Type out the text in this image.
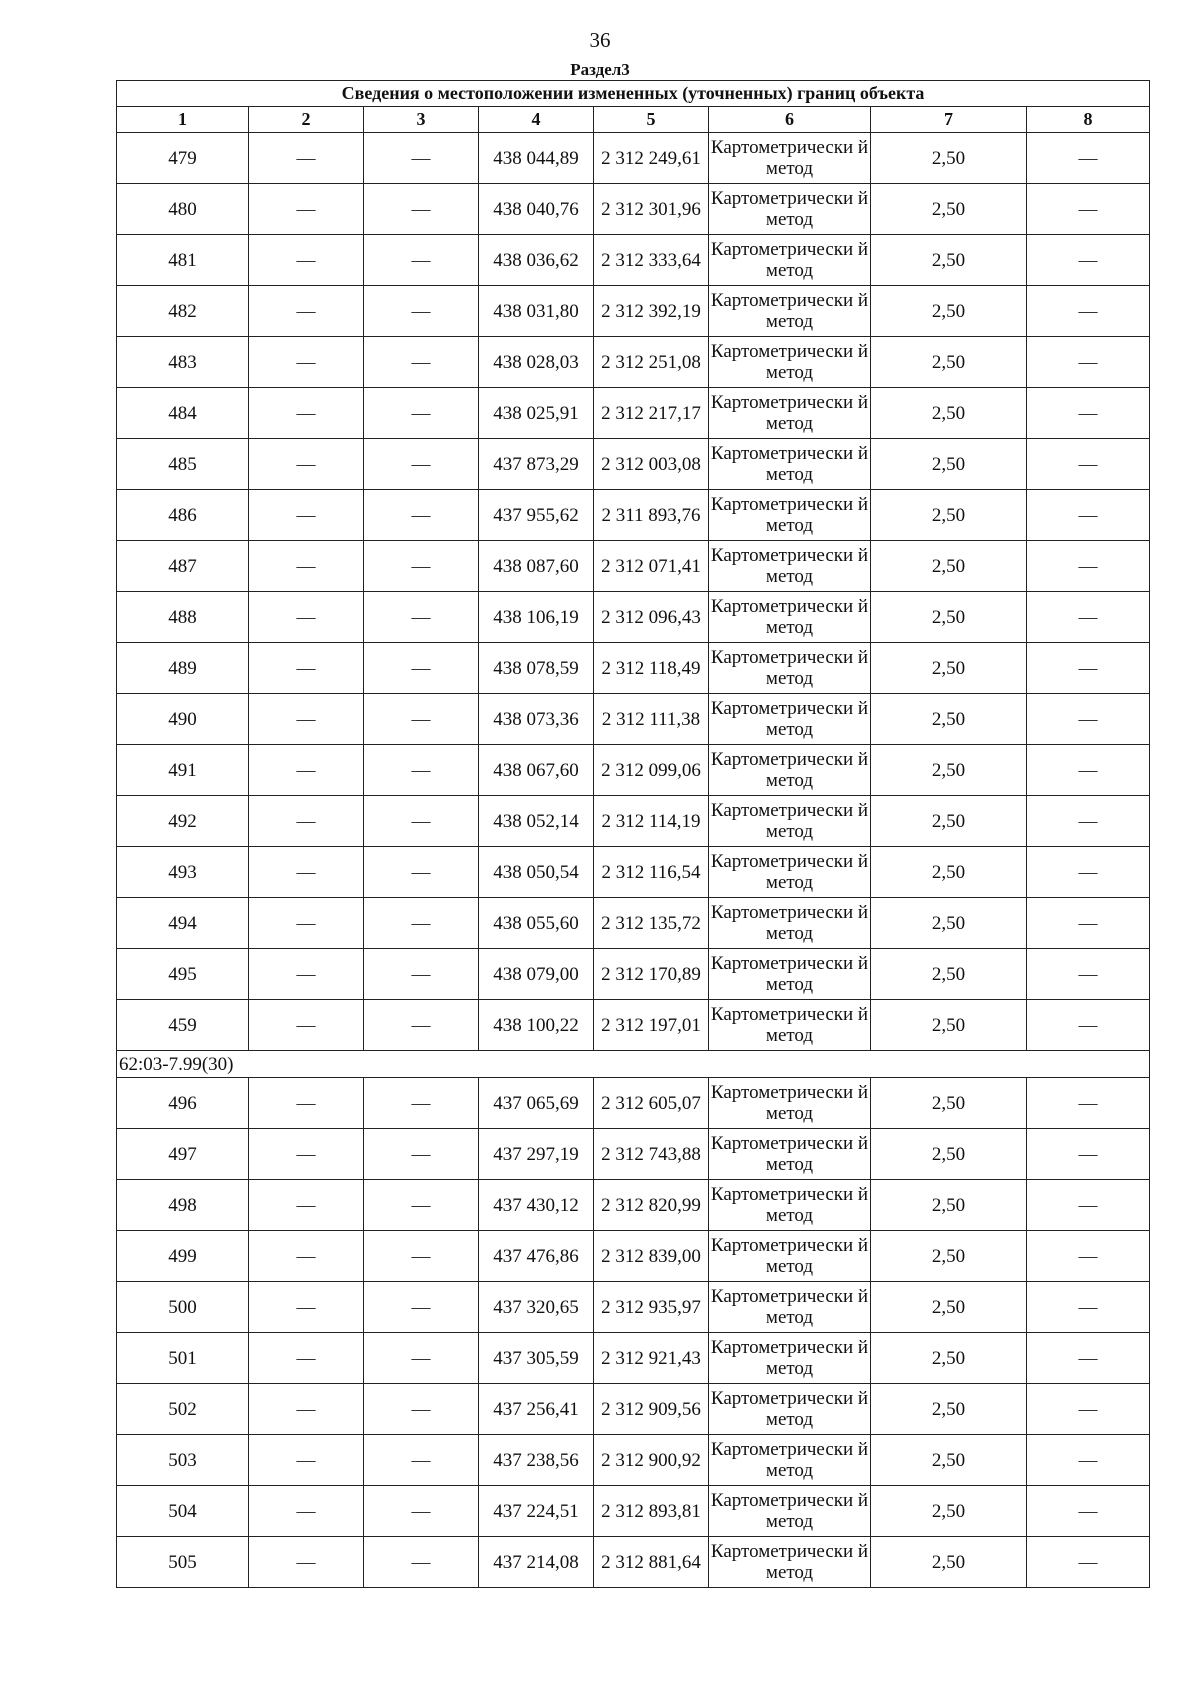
36
Раздел3
Сведения о местоположении измененных (уточненных) границ объекта							
1	2	3	4	5	6	7	8
479	—	—	438 044,89	2 312 249,61	Картометрически й метод	2,50	—
480	—	—	438 040,76	2 312 301,96	Картометрически й метод	2,50	—
481	—	—	438 036,62	2 312 333,64	Картометрически й метод	2,50	—
482	—	—	438 031,80	2 312 392,19	Картометрически й метод	2,50	—
483	—	—	438 028,03	2 312 251,08	Картометрически й метод	2,50	—
484	—	—	438 025,91	2 312 217,17	Картометрически й метод	2,50	—
485	—	—	437 873,29	2 312 003,08	Картометрически й метод	2,50	—
486	—	—	437 955,62	2 311 893,76	Картометрически й метод	2,50	—
487	—	—	438 087,60	2 312 071,41	Картометрически й метод	2,50	—
488	—	—	438 106,19	2 312 096,43	Картометрически й метод	2,50	—
489	—	—	438 078,59	2 312 118,49	Картометрически й метод	2,50	—
490	—	—	438 073,36	2 312 111,38	Картометрически й метод	2,50	—
491	—	—	438 067,60	2 312 099,06	Картометрически й метод	2,50	—
492	—	—	438 052,14	2 312 114,19	Картометрически й метод	2,50	—
493	—	—	438 050,54	2 312 116,54	Картометрически й метод	2,50	—
494	—	—	438 055,60	2 312 135,72	Картометрически й метод	2,50	—
495	—	—	438 079,00	2 312 170,89	Картометрически й метод	2,50	—
459	—	—	438 100,22	2 312 197,01	Картометрически й метод	2,50	—
62:03-7.99(30)							
496	—	—	437 065,69	2 312 605,07	Картометрически й метод	2,50	—
497	—	—	437 297,19	2 312 743,88	Картометрически й метод	2,50	—
498	—	—	437 430,12	2 312 820,99	Картометрически й метод	2,50	—
499	—	—	437 476,86	2 312 839,00	Картометрически й метод	2,50	—
500	—	—	437 320,65	2 312 935,97	Картометрически й метод	2,50	—
501	—	—	437 305,59	2 312 921,43	Картометрически й метод	2,50	—
502	—	—	437 256,41	2 312 909,56	Картометрически й метод	2,50	—
503	—	—	437 238,56	2 312 900,92	Картометрически й метод	2,50	—
504	—	—	437 224,51	2 312 893,81	Картометрически й метод	2,50	—
505	—	—	437 214,08	2 312 881,64	Картометрически й метод	2,50	—
